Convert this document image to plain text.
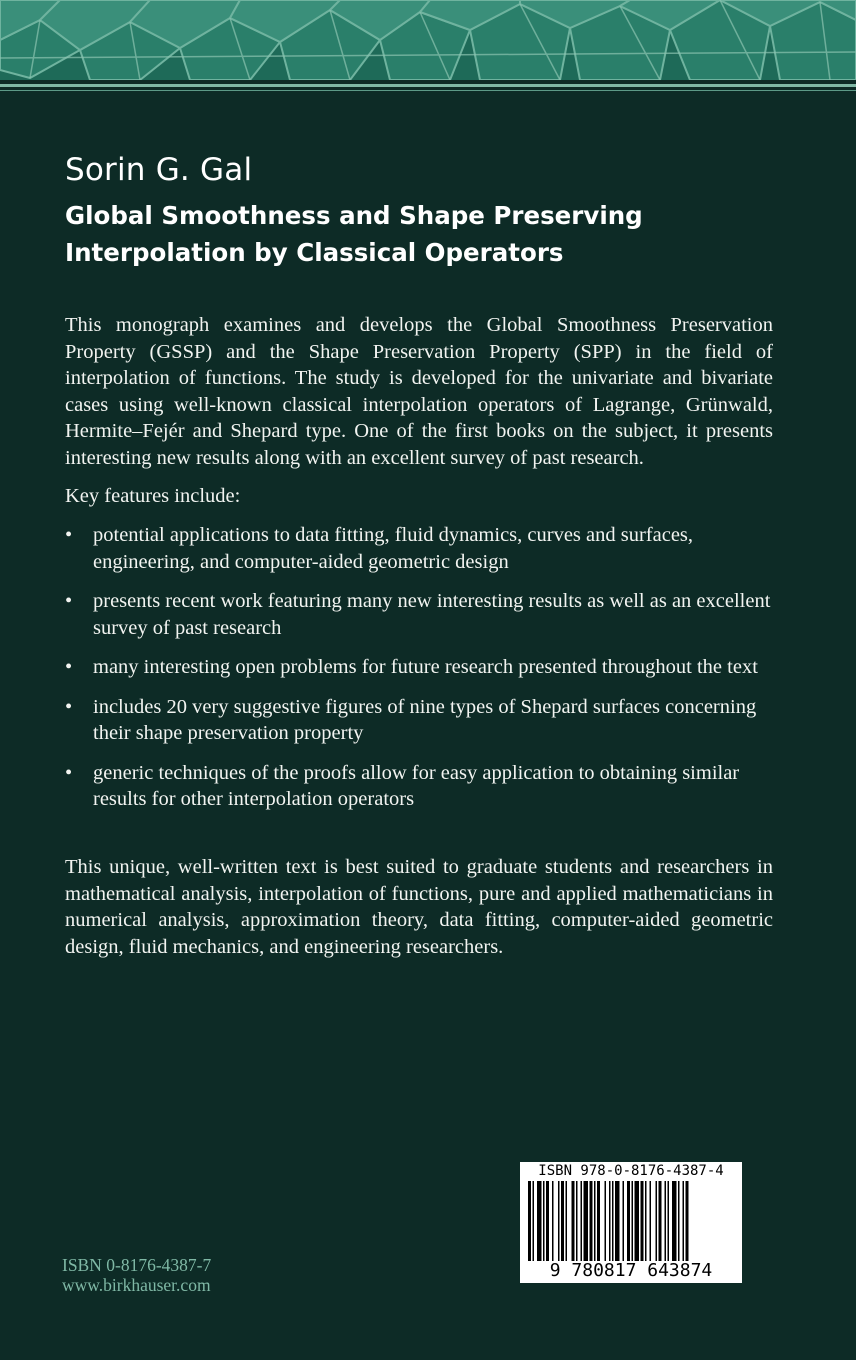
Sorin G. Gal
Global Smoothness and Shape Preserving
Interpolation by Classical Operators
This monograph examines and develops the Global Smoothness Preservation Property (GSSP) and the Shape Preservation Property (SPP) in the field of interpolation of functions. The study is developed for the univariate and bivariate cases using well-known classical interpolation operators of Lagrange, Grünwald, Hermite–Fejér and Shepard type. One of the first books on the subject, it presents interesting new results along with an excellent survey of past research.
Key features include:
• potential applications to data fitting, fluid dynamics, curves and surfaces, engineering, and computer-aided geometric design
• presents recent work featuring many new interesting results as well as an excellent survey of past research
• many interesting open problems for future research presented throughout the text
• includes 20 very suggestive figures of nine types of Shepard surfaces concerning their shape preservation property
• generic techniques of the proofs allow for easy application to obtaining similar results for other interpolation operators
This unique, well-written text is best suited to graduate students and researchers in mathematical analysis, interpolation of functions, pure and applied mathematicians in numerical analysis, approximation theory, data fitting, computer-aided geometric design, fluid mechanics, and engineering researchers.
ISBN 0-8176-4387-7
www.birkhauser.com
ISBN 978-0-8176-4387-4
9 780817 643874
